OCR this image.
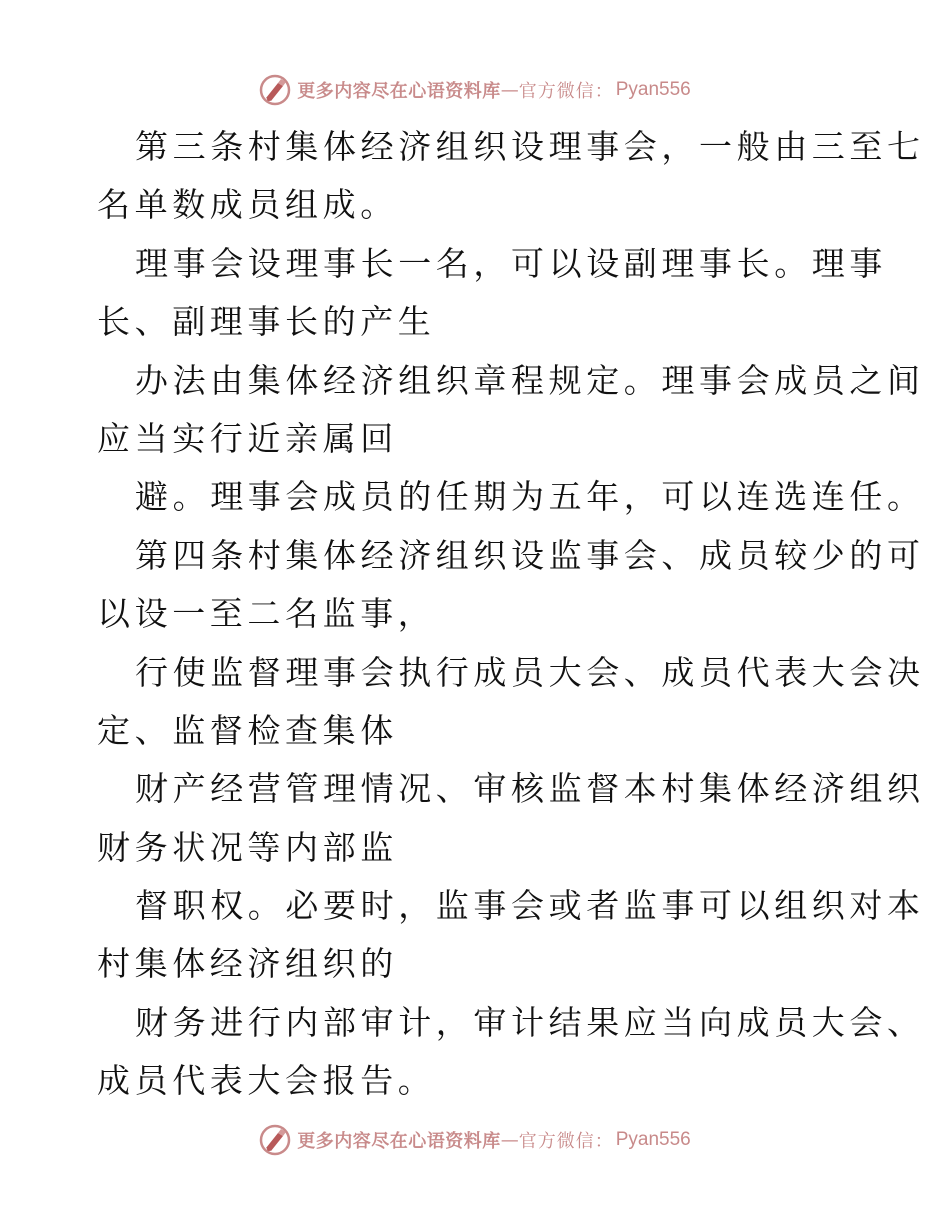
更多内容尽在心语资料库 — 官方微信： Pyan556
第三条村集体经济组织设理事会，一般由三至七
名单数成员组成。
理事会设理事长一名，可以设副理事长。理事
长、副理事长的产生
办法由集体经济组织章程规定。理事会成员之间
应当实行近亲属回
避。理事会成员的任期为五年，可以连选连任。
第四条村集体经济组织设监事会、成员较少的可
以设一至二名监事，
行使监督理事会执行成员大会、成员代表大会决
定、监督检查集体
财产经营管理情况、审核监督本村集体经济组织
财务状况等内部监
督职权。必要时，监事会或者监事可以组织对本
村集体经济组织的
财务进行内部审计，审计结果应当向成员大会、
成员代表大会报告。
更多内容尽在心语资料库 — 官方微信： Pyan556
